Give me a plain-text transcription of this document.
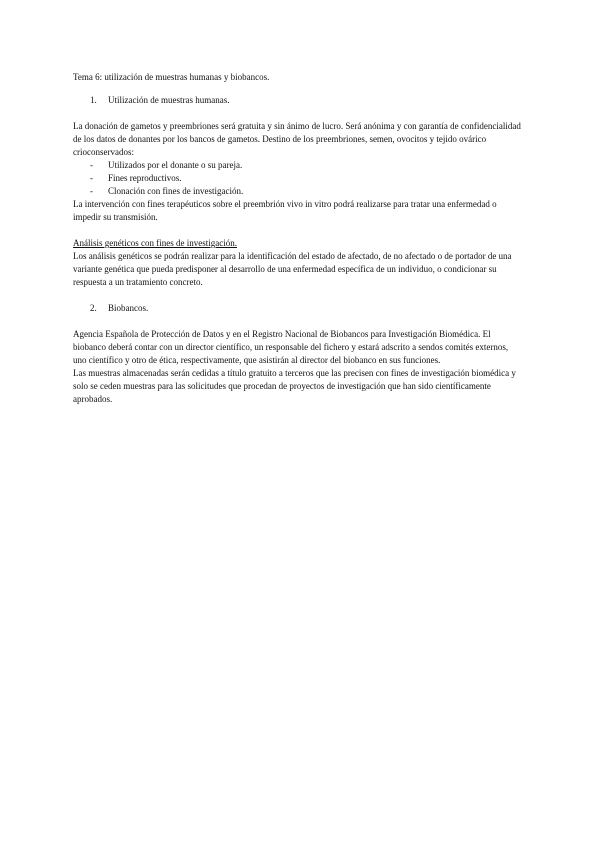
Tema 6: utilización de muestras humanas y biobancos.

1.	Utilización de muestras humanas.

La donación de gametos y preembriones será gratuita y sin ánimo de lucro. Será anónima y con garantía de confidencialidad de los datos de donantes por los bancos de gametos. Destino de los preembriones, semen, ovocitos y tejido ovárico crioconservados:

-	Utilizados por el donante o su pareja.
-	Fines reproductivos.
-	Clonación con fines de investigación.

La intervención con fines terapéuticos sobre el preembrión vivo in vitro podrá realizarse para tratar una enfermedad o impedir su transmisión.

Análisis genéticos con fines de investigación.

Los análisis genéticos se podrán realizar para la identificación del estado de afectado, de no afectado o de portador de una variante genética que pueda predisponer al desarrollo de una enfermedad específica de un individuo, o condicionar su respuesta a un tratamiento concreto.

2.	Biobancos.

Agencia Española de Protección de Datos y en el Registro Nacional de Biobancos para Investigación Biomédica. El biobanco deberá contar con un director científico, un responsable del fichero y estará adscrito a sendos comités externos, uno científico y otro de ética, respectivamente, que asistirán al director del biobanco en sus funciones.

Las muestras almacenadas serán cedidas a título gratuito a terceros que las precisen con fines de investigación biomédica y solo se ceden muestras para las solicitudes que procedan de proyectos de investigación que han sido científicamente aprobados.
